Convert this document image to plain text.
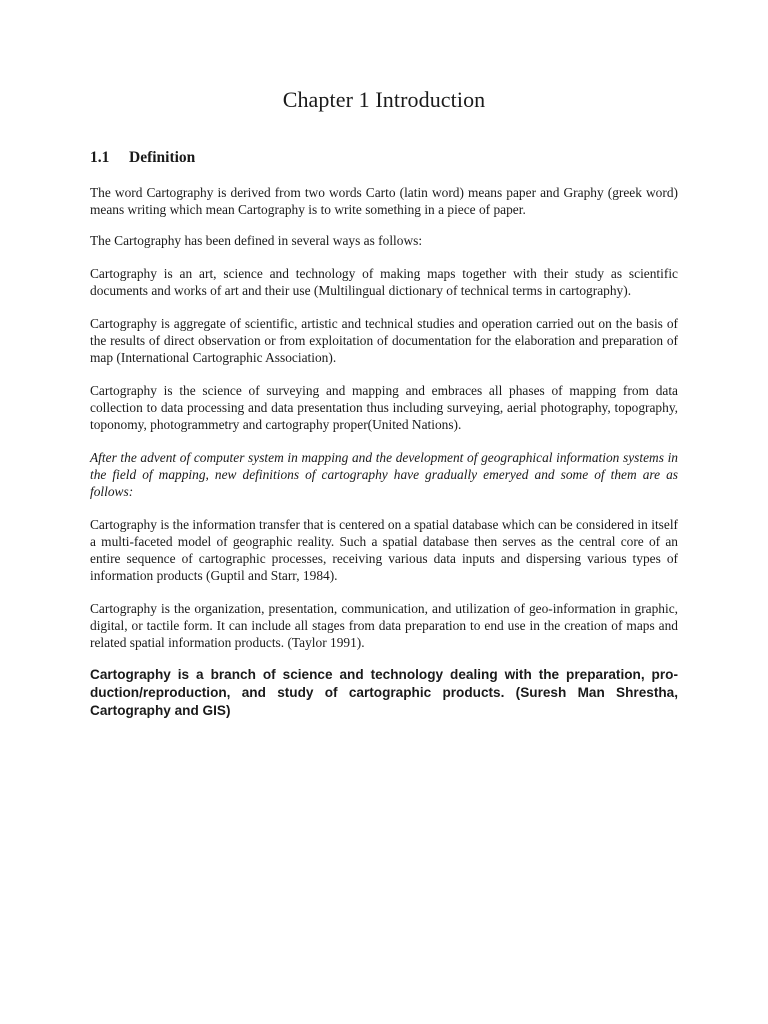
Chapter 1 Introduction
1.1 Definition

The word Cartography is derived from two words Carto (latin word) means paper and Graphy (greek word) means writing which mean Cartography is to write something in a piece of paper.

The Cartography has been defined in several ways as follows:

Cartography is an art, science and technology of making maps together with their study as scientific documents and works of art and their use (Multilingual dictionary of technical terms in cartography).

Cartography is aggregate of scientific, artistic and technical studies and operation carried out on the basis of the results of direct observation or from exploitation of documentation for the elaboration and preparation of map (International Cartographic Association).

Cartography is the science of surveying and mapping and embraces all phases of mapping from data collection to data processing and data presentation thus including surveying, aerial photography, topography, toponomy, photogrammetry and cartography proper(United Nations).

After the advent of computer system in mapping and the development of geographical information systems in the field of mapping, new definitions of cartography have gradually emeryed and some of them are as follows:

Cartography is the information transfer that is centered on a spatial database which can be considered in itself a multi-faceted model of geographic reality. Such a spatial database then serves as the central core of an entire sequence of cartographic processes, receiving various data inputs and dispersing various types of information products (Guptil and Starr, 1984).

Cartography is the organization, presentation, communication, and utilization of geo-information in graphic, digital, or tactile form. It can include all stages from data preparation to end use in the creation of maps and related spatial information products. (Taylor 1991).

Cartography is a branch of science and technology dealing with the preparation, production/reproduction, and study of cartographic products. (Suresh Man Shrestha, Cartography and GIS)
